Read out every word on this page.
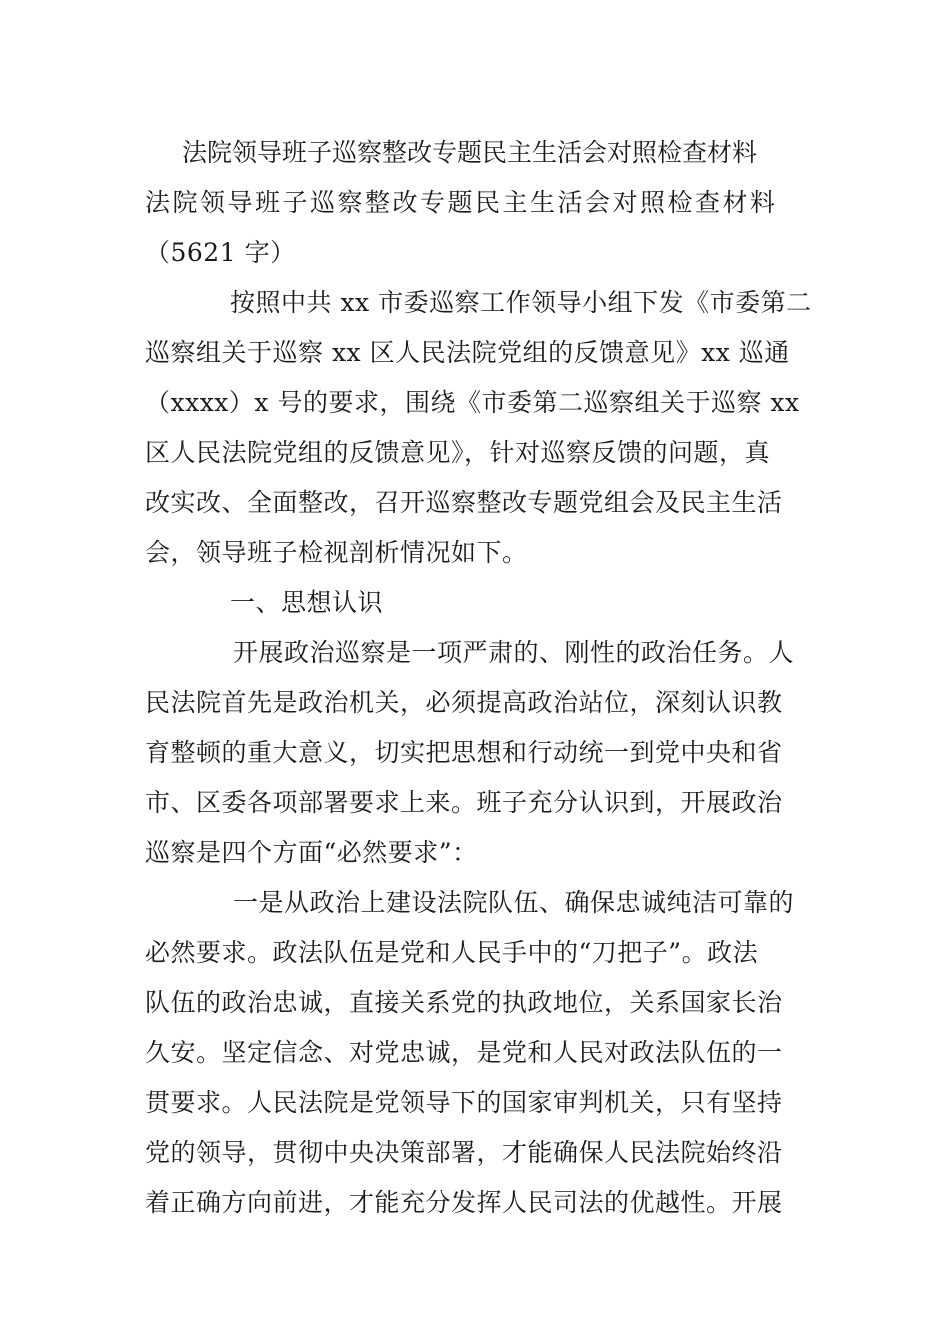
法院领导班子巡察整改专题民主生活会对照检查材料
法院领导班子巡察整改专题民主生活会对照检查材料
（5621 字）
按照中共 xx 市委巡察工作领导小组下发《市委第二
巡察组关于巡察 xx 区人民法院党组的反馈意见》xx 巡通
（xxxx）x 号的要求，围绕《市委第二巡察组关于巡察 xx
区人民法院党组的反馈意见》，针对巡察反馈的问题，真
改实改、全面整改，召开巡察整改专题党组会及民主生活
会，领导班子检视剖析情况如下。
一、思想认识
开展政治巡察是一项严肃的、刚性的政治任务。人
民法院首先是政治机关，必须提高政治站位，深刻认识教
育整顿的重大意义，切实把思想和行动统一到党中央和省
市、区委各项部署要求上来。班子充分认识到，开展政治
巡察是四个方面“必然要求”：
一是从政治上建设法院队伍、确保忠诚纯洁可靠的
必然要求。政法队伍是党和人民手中的“刀把子”。政法
队伍的政治忠诚，直接关系党的执政地位，关系国家长治
久安。坚定信念、对党忠诚，是党和人民对政法队伍的一
贯要求。人民法院是党领导下的国家审判机关，只有坚持
党的领导，贯彻中央决策部署，才能确保人民法院始终沿
着正确方向前进，才能充分发挥人民司法的优越性。开展
